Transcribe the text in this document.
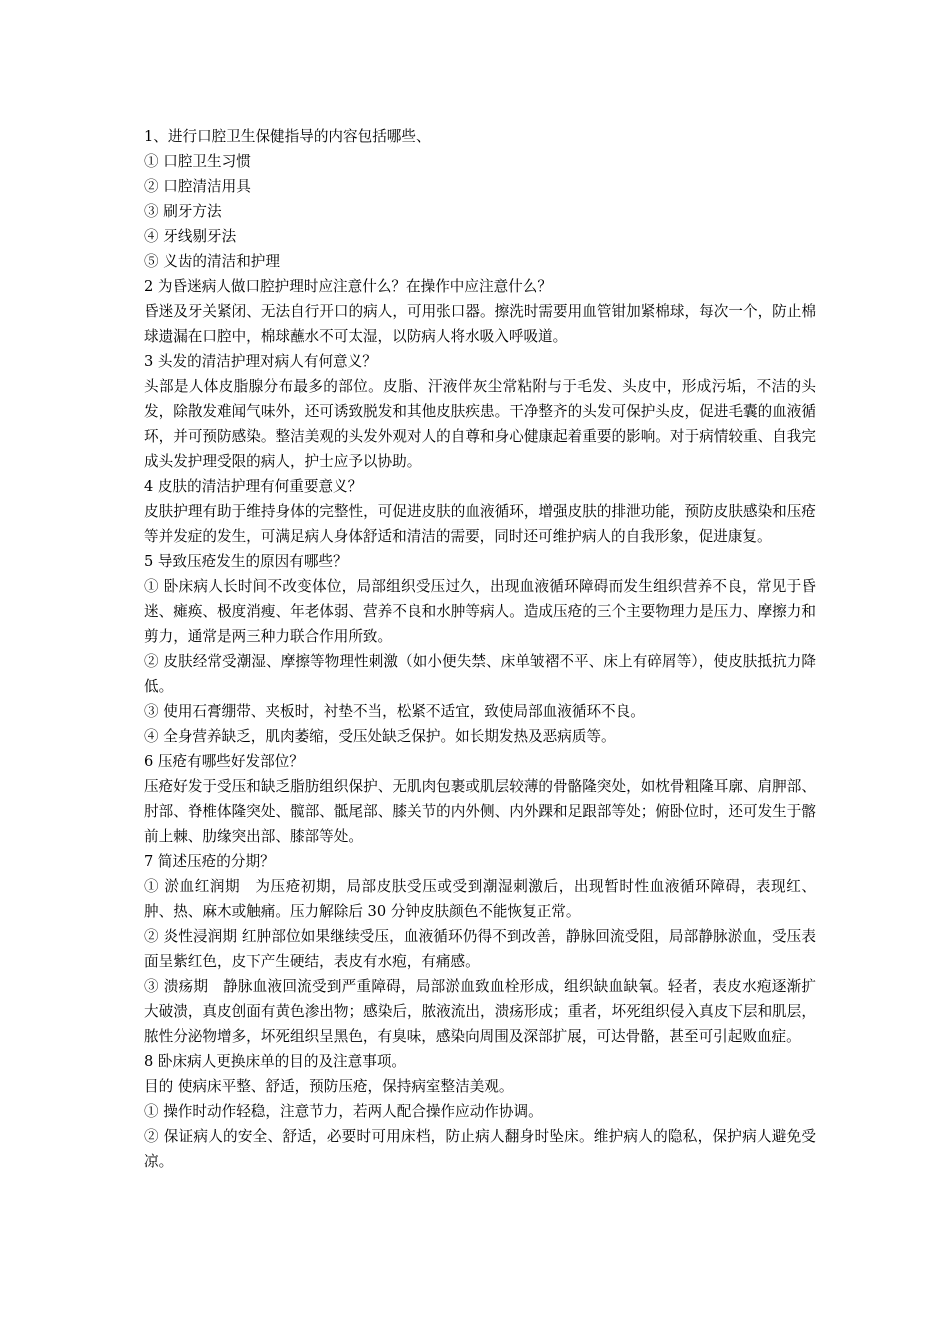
1、进行口腔卫生保健指导的内容包括哪些、

① 口腔卫生习惯

② 口腔清洁用具

③ 刷牙方法

④ 牙线剔牙法

⑤ 义齿的清洁和护理

2 为昏迷病人做口腔护理时应注意什么？在操作中应注意什么？

昏迷及牙关紧闭、无法自行开口的病人，可用张口器。擦洗时需要用血管钳加紧棉球，每次一个，防止棉球遗漏在口腔中，棉球蘸水不可太湿，以防病人将水吸入呼吸道。

3 头发的清洁护理对病人有何意义？

头部是人体皮脂腺分布最多的部位。皮脂、汗液伴灰尘常粘附与于毛发、头皮中，形成污垢，不洁的头发，除散发难闻气味外，还可诱致脱发和其他皮肤疾患。干净整齐的头发可保护头皮，促进毛囊的血液循环，并可预防感染。整洁美观的头发外观对人的自尊和身心健康起着重要的影响。对于病情较重、自我完成头发护理受限的病人，护士应予以协助。

4 皮肤的清洁护理有何重要意义？

皮肤护理有助于维持身体的完整性，可促进皮肤的血液循环，增强皮肤的排泄功能，预防皮肤感染和压疮等并发症的发生，可满足病人身体舒适和清洁的需要，同时还可维护病人的自我形象，促进康复。

5 导致压疮发生的原因有哪些？

① 卧床病人长时间不改变体位，局部组织受压过久，出现血液循环障碍而发生组织营养不良，常见于昏迷、瘫痪、极度消瘦、年老体弱、营养不良和水肿等病人。造成压疮的三个主要物理力是压力、摩擦力和剪力，通常是两三种力联合作用所致。

② 皮肤经常受潮湿、摩擦等物理性刺激（如小便失禁、床单皱褶不平、床上有碎屑等），使皮肤抵抗力降低。

③ 使用石膏绷带、夹板时，衬垫不当，松紧不适宜，致使局部血液循环不良。

④ 全身营养缺乏，肌肉萎缩，受压处缺乏保护。如长期发热及恶病质等。

6 压疮有哪些好发部位？

压疮好发于受压和缺乏脂肪组织保护、无肌肉包裹或肌层较薄的骨骼隆突处，如枕骨粗隆耳廓、肩胛部、肘部、脊椎体隆突处、髋部、骶尾部、膝关节的内外侧、内外踝和足跟部等处；俯卧位时，还可发生于髂前上棘、肋缘突出部、膝部等处。

7 简述压疮的分期？

① 淤血红润期　为压疮初期，局部皮肤受压或受到潮湿刺激后，出现暂时性血液循环障碍，表现红、肿、热、麻木或触痛。压力解除后 30 分钟皮肤颜色不能恢复正常。

② 炎性浸润期 红肿部位如果继续受压，血液循环仍得不到改善，静脉回流受阻，局部静脉淤血，受压表面呈紫红色，皮下产生硬结，表皮有水疱，有痛感。

③ 溃疡期　静脉血液回流受到严重障碍，局部淤血致血栓形成，组织缺血缺氧。轻者，表皮水疱逐渐扩大破溃，真皮创面有黄色渗出物；感染后，脓液流出，溃疡形成；重者，坏死组织侵入真皮下层和肌层，脓性分泌物增多，坏死组织呈黑色，有臭味，感染向周围及深部扩展，可达骨骼，甚至可引起败血症。

8 卧床病人更换床单的目的及注意事项。

目的 使病床平整、舒适，预防压疮，保持病室整洁美观。

① 操作时动作轻稳，注意节力，若两人配合操作应动作协调。

② 保证病人的安全、舒适，必要时可用床档，防止病人翻身时坠床。维护病人的隐私，保护病人避免受凉。
